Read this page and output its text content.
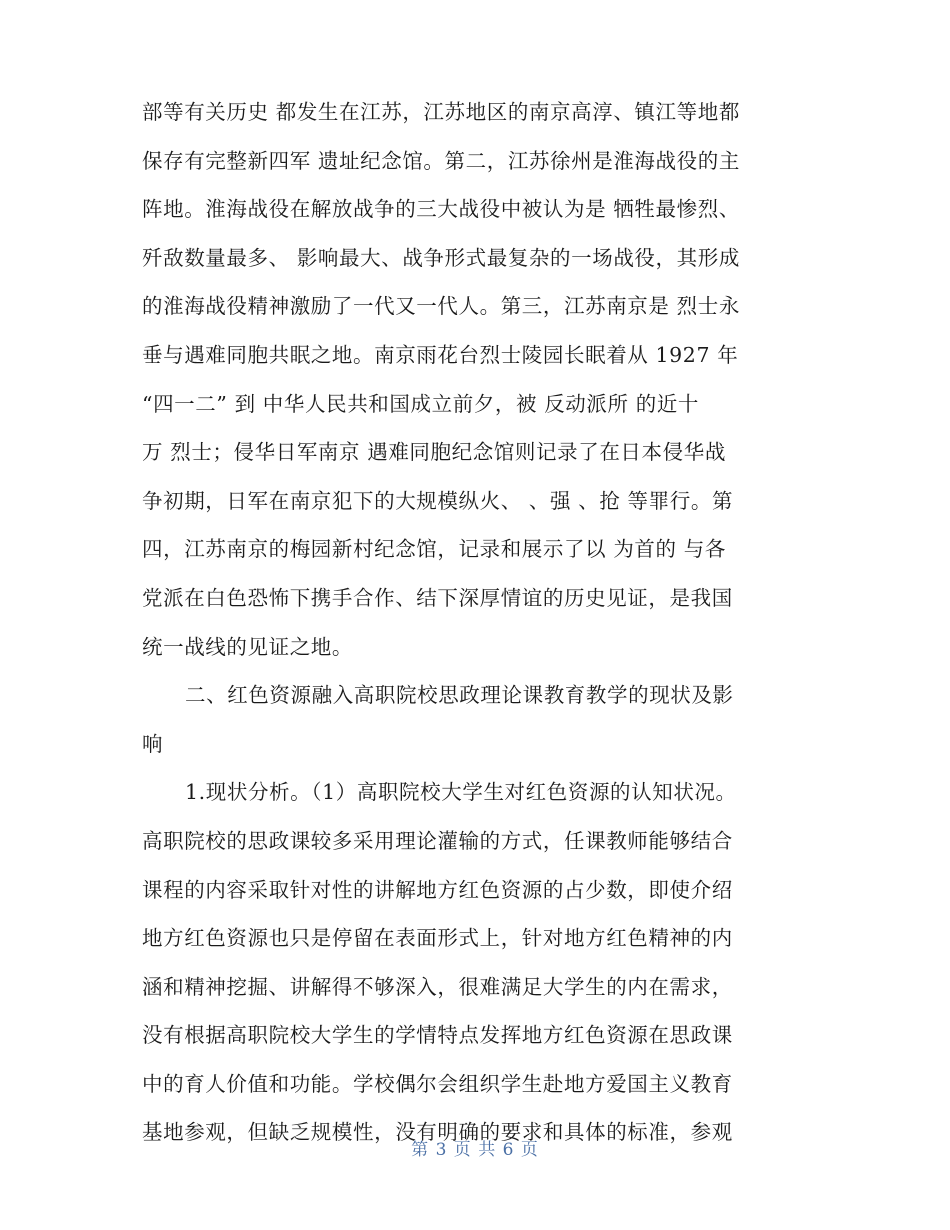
部等有关历史 都发生在江苏，江苏地区的南京高淳、镇江等地都
保存有完整新四军 遗址纪念馆。第二，江苏徐州是淮海战役的主
阵地。淮海战役在解放战争的三大战役中被认为是 牺牲最惨烈、
歼敌数量最多、 影响最大、战争形式最复杂的一场战役，其形成
的淮海战役精神激励了一代又一代人。第三，江苏南京是 烈士永
垂与遇难同胞共眠之地。南京雨花台烈士陵园长眠着从 1927 年
“四一二” 到 中华人民共和国成立前夕，被 反动派所 的近十
万 烈士；侵华日军南京 遇难同胞纪念馆则记录了在日本侵华战
争初期，日军在南京犯下的大规模纵火、 、强 、抢 等罪行。第
四，江苏南京的梅园新村纪念馆，记录和展示了以 为首的 与各
党派在白色恐怖下携手合作、结下深厚情谊的历史见证，是我国
统一战线的见证之地。
二、红色资源融入高职院校思政理论课教育教学的现状及影
响
1.现状分析。（1）高职院校大学生对红色资源的认知状况。
高职院校的思政课较多采用理论灌输的方式，任课教师能够结合
课程的内容采取针对性的讲解地方红色资源的占少数，即使介绍
地方红色资源也只是停留在表面形式上，针对地方红色精神的内
涵和精神挖掘、讲解得不够深入，很难满足大学生的内在需求，
没有根据高职院校大学生的学情特点发挥地方红色资源在思政课
中的育人价值和功能。学校偶尔会组织学生赴地方爱国主义教育
基地参观，但缺乏规模性，没有明确的要求和具体的标准，参观
第 3 页 共 6 页
